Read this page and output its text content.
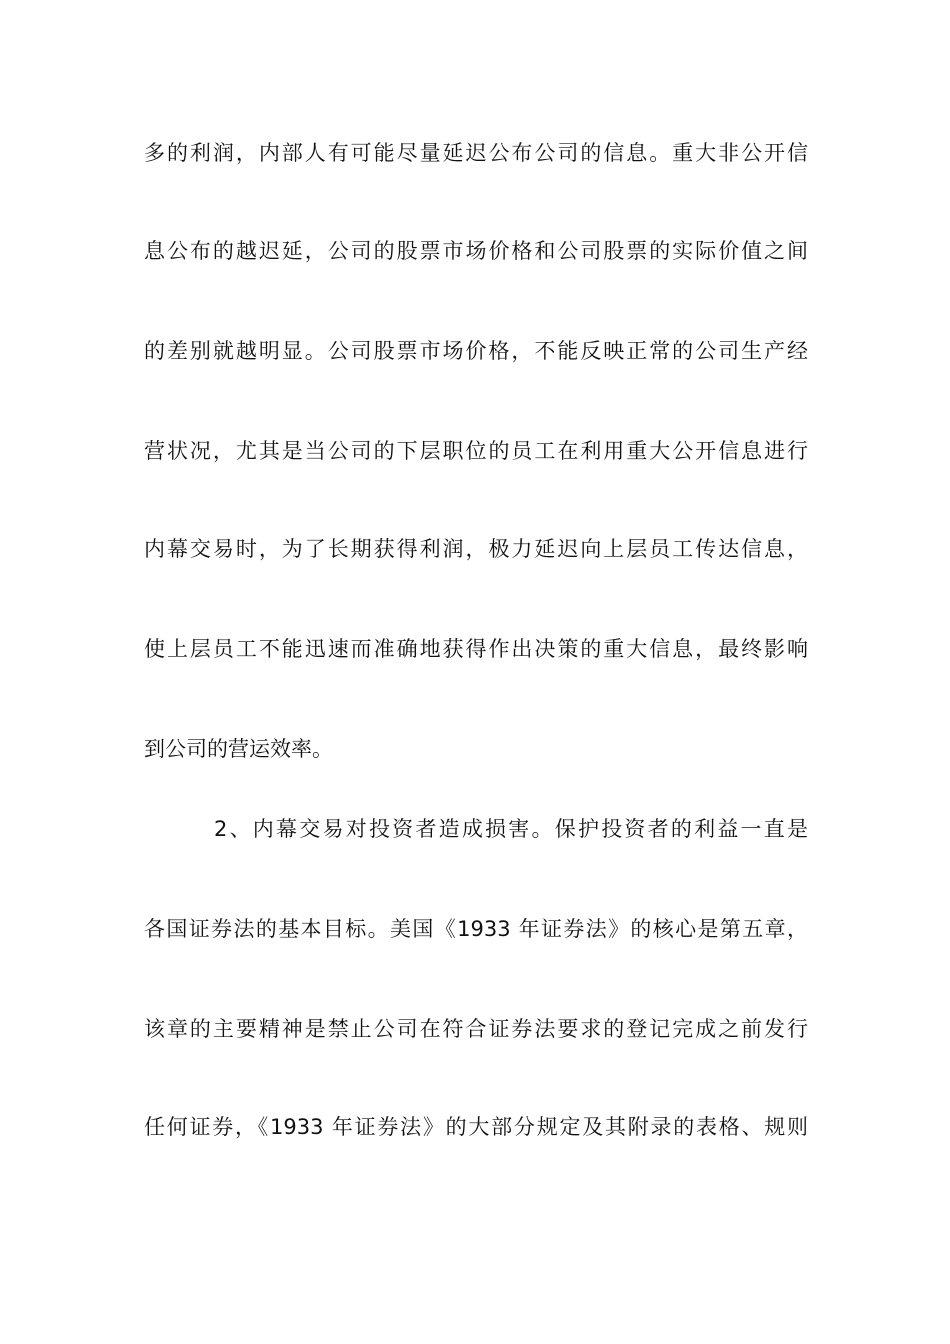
多的利润，内部人有可能尽量延迟公布公司的信息。重大非公开信
息公布的越迟延，公司的股票市场价格和公司股票的实际价值之间
的差别就越明显。公司股票市场价格，不能反映正常的公司生产经
营状况，尤其是当公司的下层职位的员工在利用重大公开信息进行
内幕交易时，为了长期获得利润，极力延迟向上层员工传达信息，
使上层员工不能迅速而准确地获得作出决策的重大信息，最终影响
到公司的营运效率。
2、内幕交易对投资者造成损害。保护投资者的利益一直是
各国证券法的基本目标。美国《1933 年证券法》的核心是第五章，
该章的主要精神是禁止公司在符合证券法要求的登记完成之前发行
任何证券，《1933 年证券法》的大部分规定及其附录的表格、规则
